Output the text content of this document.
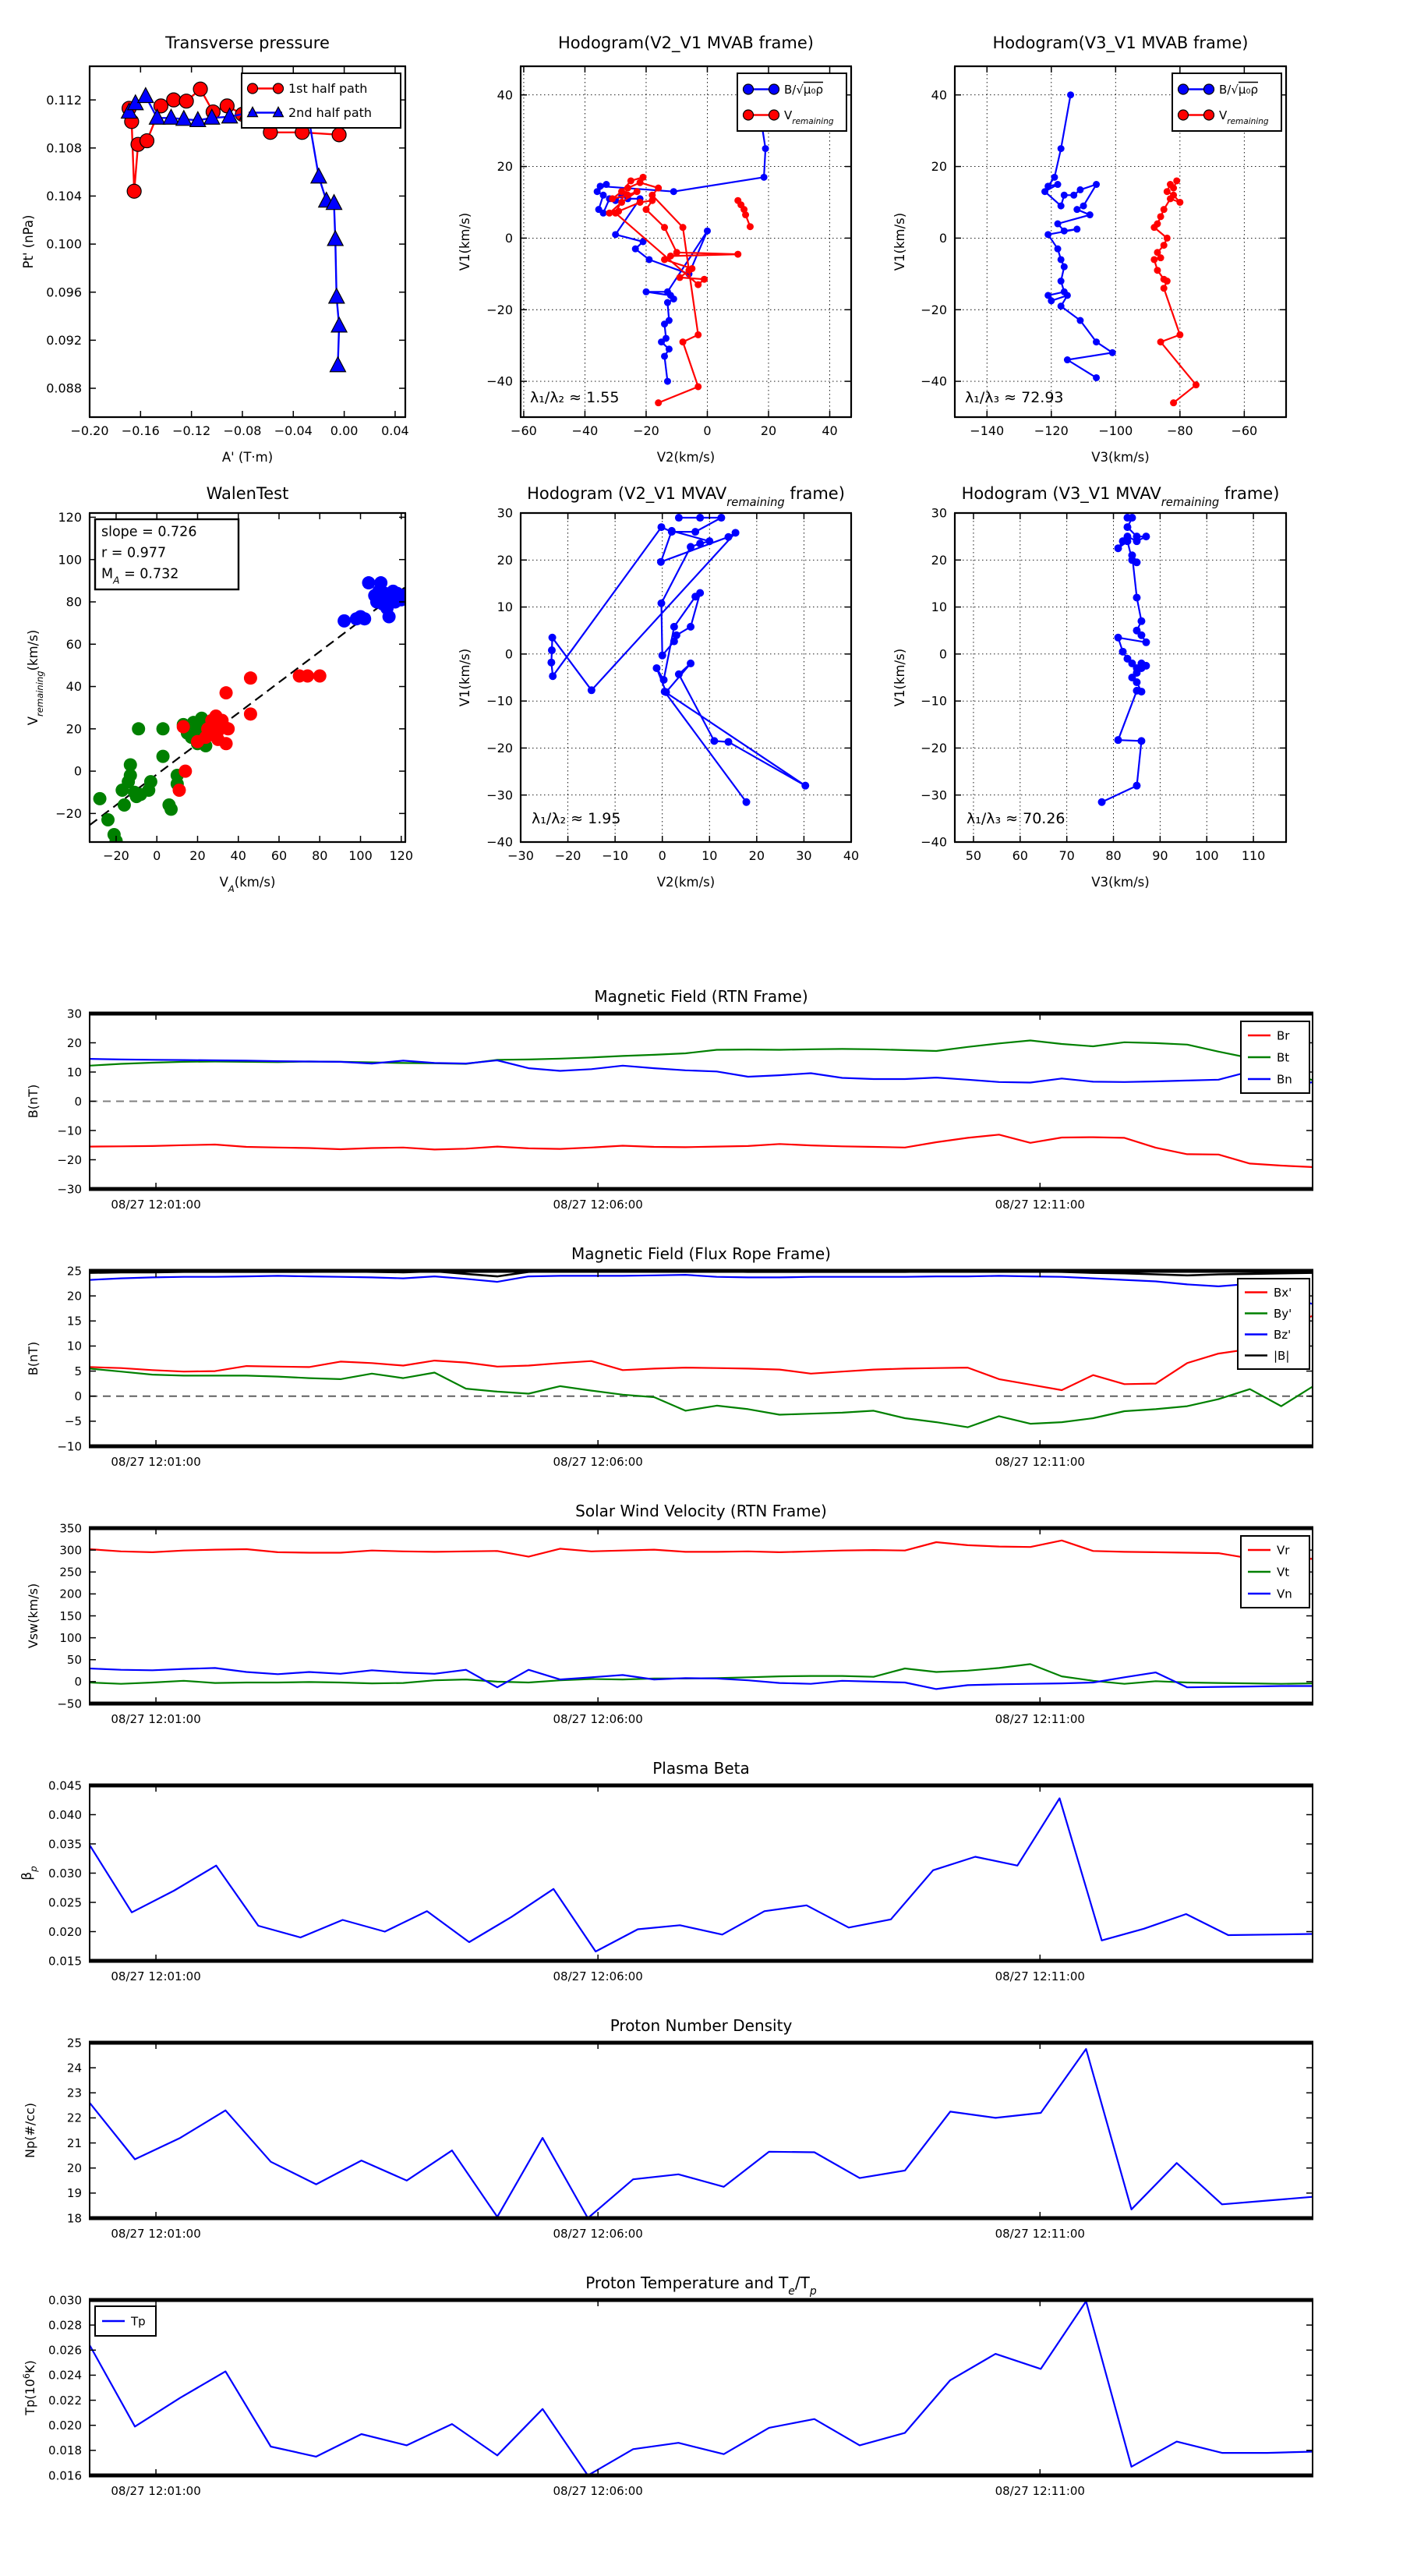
−0.20 −0.16 −0.12 −0.08 −0.04 0.00 0.04
0.088
0.092
0.096
0.100
0.104
0.108
0.112
Transverse pressure
A' (T·m)
Pt' (nPa)
1st half path
2nd half path
−60	−40	−20	0	20	40
−40
−20
0
20
40
Hodogram(V2_V1 MVAB frame)
V2(km/s)
V1(km/s)
B/√μ₀ρ
$V_{remaining}$
λ₁/λ₂ ≈ 1.55
−140 −120 −100	−80	−60
−40
−20
0
20
40
Hodogram(V3_V1 MVAB frame)
V3(km/s)
V1(km/s)
B/√μ₀ρ
$V_{remaining}$
λ₁/λ₃ ≈ 72.93
−20 0 20 40 60 80 100 120
−20
0
20
40
60
80
100
120
WalenTest
$V_A(km/s)$
$V_{remaining}(km/s)$
slope = 0.726
r = 0.977
$M_A = 0.732$
−30 −20 −10 0	10	20	30	40
−40
−30
−20
−10
0
10
20
30
Hodogram (V2_V1 $MVAV_{remaining}$ frame)
V2(km/s)
V1(km/s)
λ₁/λ₂ ≈ 1.95
50 60 70 80 90 100 110
−40
−30
−20
−10
0
10
20
30
Hodogram (V3_V1 $MVAV_{remaining}$ frame)
V3(km/s)
V1(km/s)
λ₁/λ₃ ≈ 70.26
08/27 12:01:00	08/27 12:06:00	08/27 12:11:00
−30
−20
−10
0
10
20
30
Magnetic Field (RTN Frame)
B(nT)
Br
Bt
Bn
08/27 12:01:00	08/27 12:06:00	08/27 12:11:00
−10
−5
0
5
10
15
20
25
Magnetic Field (Flux Rope Frame)
B(nT)
Bx'
By'
Bz'
|B|
08/27 12:01:00	08/27 12:06:00	08/27 12:11:00
−50
0
50
100
150
200
250
300
350
Solar Wind Velocity (RTN Frame)
Vsw(km/s)
Vr
Vt
Vn
08/27 12:01:00	08/27 12:06:00	08/27 12:11:00
0.015
0.020
0.025
0.030
0.035
0.040
0.045
Plasma Beta
$\beta_p$
08/27 12:01:00	08/27 12:06:00	08/27 12:11:00
18
19
20
21
22
23
24
25
Proton Number Density
Np(#/cc)
08/27 12:01:00	08/27 12:06:00	08/27 12:11:00
0.016
0.018
0.020
0.022
0.024
0.026
0.028
0.030
Proton Temperature and $T_e/T_p$
$Tp(10^6K)$
Tp
